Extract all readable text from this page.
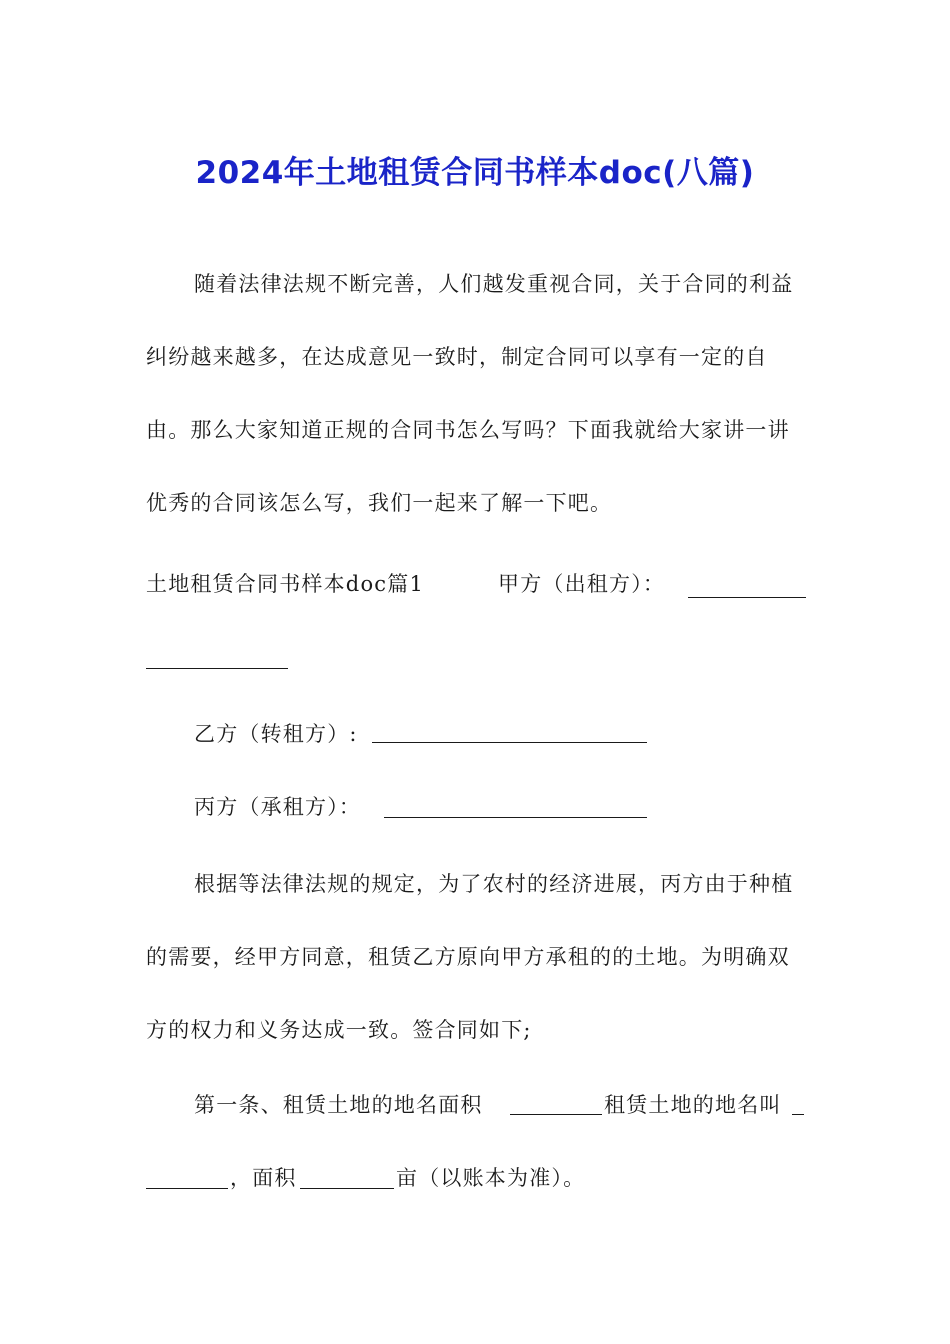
2024年土地租赁合同书样本doc(八篇)

随着法律法规不断完善，人们越发重视合同，关于合同的利益纠纷越来越多，在达成意见一致时，制定合同可以享有一定的自由。那么大家知道正规的合同书怎么写吗？下面我就给大家讲一讲优秀的合同该怎么写，我们一起来了解一下吧。

土地租赁合同书样本doc篇1	甲方（出租方）：
乙方（转租方）:
丙方（承租方）：

根据等法律法规的规定，为了农村的经济进展，丙方由于种植的需要，经甲方同意，租赁乙方原向甲方承租的的土地。为明确双方的权力和义务达成一致。签合同如下;

第一条、租赁土地的地名面积	租赁土地的地名叫
，面积	亩（以账本为准）。
